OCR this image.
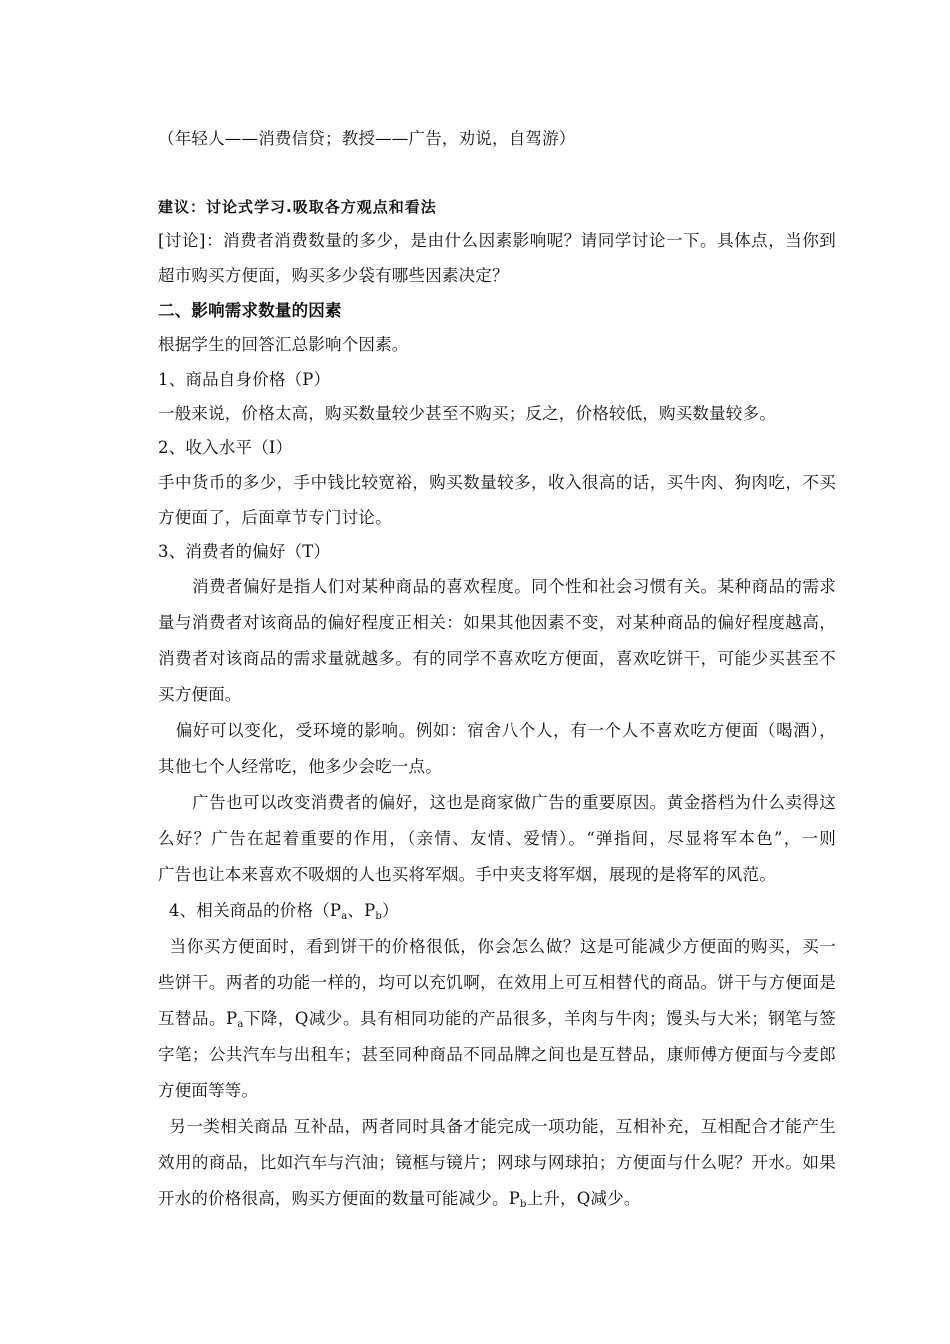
（年轻人——消费信贷；教授——广告，劝说，自驾游）
建议：讨论式学习.吸取各方观点和看法
[讨论]：消费者消费数量的多少，是由什么因素影响呢？请同学讨论一下。具体点，当你到
超市购买方便面，购买多少袋有哪些因素决定？
二、影响需求数量的因素
根据学生的回答汇总影响个因素。
1、商品自身价格（P）
一般来说，价格太高，购买数量较少甚至不购买；反之，价格较低，购买数量较多。
2、收入水平（I）
手中货币的多少，手中钱比较宽裕，购买数量较多，收入很高的话，买牛肉、狗肉吃，不买
方便面了，后面章节专门讨论。
3、消费者的偏好（T）
消费者偏好是指人们对某种商品的喜欢程度。同个性和社会习惯有关。某种商品的需求
量与消费者对该商品的偏好程度正相关：如果其他因素不变，对某种商品的偏好程度越高，
消费者对该商品的需求量就越多。有的同学不喜欢吃方便面，喜欢吃饼干，可能少买甚至不
买方便面。
偏好可以变化，受环境的影响。例如：宿舍八个人，有一个人不喜欢吃方便面（喝酒），
其他七个人经常吃，他多少会吃一点。
广告也可以改变消费者的偏好，这也是商家做广告的重要原因。黄金搭档为什么卖得这
么好？广告在起着重要的作用，（亲情、友情、爱情）。“弹指间，尽显将军本色”，一则
广告也让本来喜欢不吸烟的人也买将军烟。手中夹支将军烟，展现的是将军的风范。
4、相关商品的价格（$P_a$、$P_b$）
当你买方便面时，看到饼干的价格很低，你会怎么做？这是可能减少方便面的购买，买一
些饼干。两者的功能一样的，均可以充饥啊，在效用上可互相替代的商品。饼干与方便面是
互替品。$P_a$下降，Q减少。具有相同功能的产品很多，羊肉与牛肉；馒头与大米；钢笔与签
字笔；公共汽车与出租车；甚至同种商品不同品牌之间也是互替品，康师傅方便面与今麦郎
方便面等等。
另一类相关商品 互补品，两者同时具备才能完成一项功能，互相补充，互相配合才能产生
效用的商品，比如汽车与汽油；镜框与镜片；网球与网球拍；方便面与什么呢？开水。如果
开水的价格很高，购买方便面的数量可能减少。$P_b$上升，Q减少。
